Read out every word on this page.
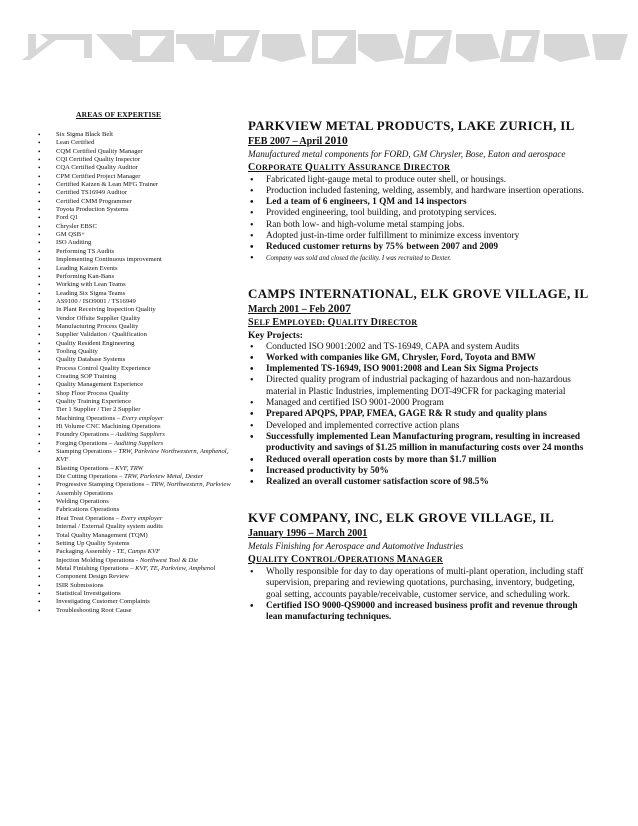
AREAS OF EXPERTISE
• Six Sigma Black Belt
• Lean Certified
• CQM Certified Quality Manager
• CQI Certified Quality Inspector
• CQA Certified Quality Auditor
• CPM Certified Project Manager
• Certified Kaizen & Lean MFG Trainer
• Certified TS16949 Auditor
• Certified CMM Programmer
• Toyota Production Systems
• Ford Q1
• Chrysler EBSC
• GM QSB+
• ISO Auditing
• Performing TS Audits
• Implementing Continuous improvement
• Leading Kaizen Events
• Performing Kan-Bans
• Working with Lean Teams
• Leading Six Sigma Teams
• AS9100 / ISO9001 / TS16949
• In Plant Receiving Inspection Quality
• Vendor Offsite Supplier Quality
• Manufacturing Process Quality
• Supplier Validation / Qualification
• Quality Resident Engineering
• Tooling Quality
• Quality Database Systems
• Process Control Quality Experience
• Creating SOP Training
• Quality Management Experience
• Shop Floor Process Quality
• Quality Training Experience
• Tier 1 Supplier / Tier 2 Supplier
• Machining Operations – Every employer
• Hi Volume CNC Machining Operations
• Foundry Operations – Auditing Suppliers
• Forging Operations – Auditing Suppliers
• Stamping Operations – TRW, Parkview Northwestern, Amphenol, KVF
• Blasting Operations – KVF, TRW
• Die Cutting Operations – TRW, Parkview Metal, Dexter
• Progressive Stamping Operations – TRW, Northwestern, Parkview
• Assembly Operations
• Welding Operations
• Fabrications Operations
• Heat Treat Operations – Every employer
• Internal / External Quality system audits
• Total Quality Management (TQM)
• Setting Up Quality Systems
• Packaging Assembly - TE, Camps KVF
• Injection Molding Operations - Northwest Tool & Die
• Metal Finishing Operations – KVF, TE, Parkview, Amphenol
• Component Design Review
• ISIR Submissions
• Statistical Investigations
• Investigating Customer Complaints
• Troubleshooting Root Cause
PARKVIEW METAL PRODUCTS, LAKE ZURICH, IL
FEB 2007 – April 2010
Manufactured metal components for FORD, GM Chrysler, Bose, Eaton and aerospace
CORPORATE QUALITY ASSURANCE DIRECTOR
• Fabricated light-gauge metal to produce outer shell, or housings.
• Production included fastening, welding, assembly, and hardware insertion operations.
• Led a team of 6 engineers, 1 QM and 14 inspectors
• Provided engineering, tool building, and prototyping services.
• Ran both low- and high-volume metal stamping jobs.
• Adopted just-in-time order fulfillment to minimize excess inventory
• Reduced customer returns by 75% between 2007 and 2009
• Company was sold and closed the facility. I was recruited to Dexter.
CAMPS INTERNATIONAL, ELK GROVE VILLAGE, IL
March 2001 – Feb 2007
SELF EMPLOYED: QUALITY DIRECTOR
Key Projects:
• Conducted ISO 9001:2002 and TS-16949, CAPA and system Audits
• Worked with companies like GM, Chrysler, Ford, Toyota and BMW
• Implemented TS-16949, ISO 9001:2008 and Lean Six Sigma Projects
• Directed quality program of industrial packaging of hazardous and non-hazardous material in Plastic Industries, implementing DOT-49CFR for packaging material
• Managed and certified ISO 9001-2000 Program
• Prepared APQPS, PPAP, FMEA, GAGE R& R study and quality plans
• Developed and implemented corrective action plans
• Successfully implemented Lean Manufacturing program, resulting in increased productivity and savings of $1.25 million in manufacturing costs over 24 months
• Reduced overall operation costs by more than $1.7 million
• Increased productivity by 50%
• Realized an overall customer satisfaction score of 98.5%
KVF COMPANY, INC, ELK GROVE VILLAGE, IL
January 1996 – March 2001
Metals Finishing for Aerospace and Automotive Industries
QUALITY CONTROL/OPERATIONS MANAGER
• Wholly responsible for day to day operations of multi-plant operation, including staff supervision, preparing and reviewing quotations, purchasing, inventory, budgeting, goal setting, accounts payable/receivable, customer service, and scheduling work.
• Certified ISO 9000-QS9000 and increased business profit and revenue through lean manufacturing techniques.
